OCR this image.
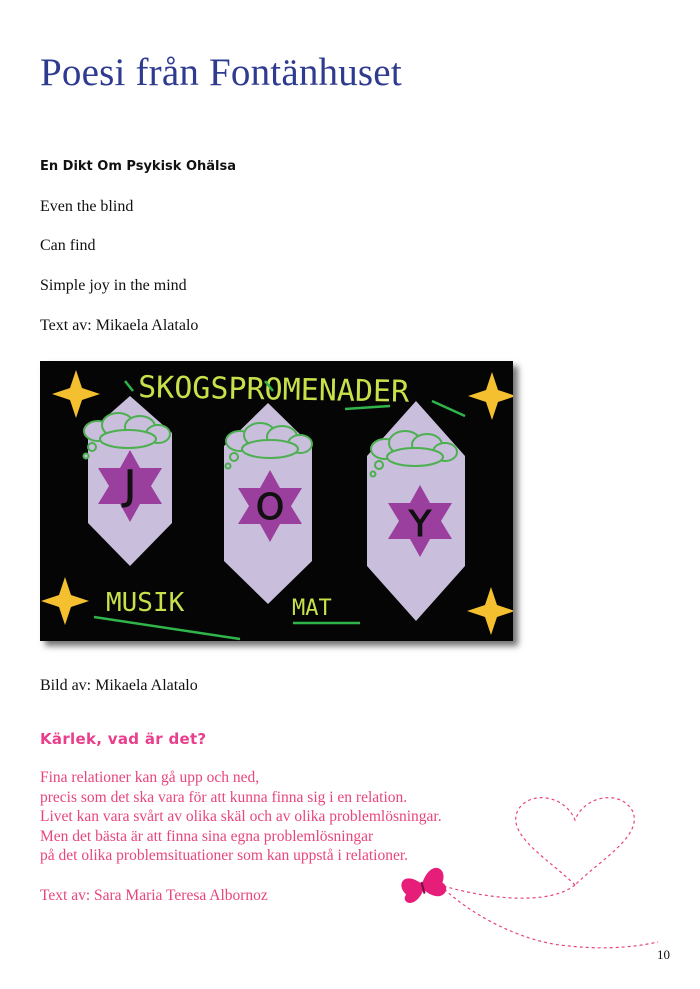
Poesi från Fontänhuset
En Dikt Om Psykisk Ohälsa
Even the blind
Can find
Simple joy in the mind
Text av: Mikaela Alatalo
J	O	Y
SKOGSPROMENADER
MUSIK	MAT
Bild av: Mikaela Alatalo
Kärlek, vad är det?
Fina relationer kan gå upp och ned,
precis som det ska vara för att kunna finna sig i en relation.
Livet kan vara svårt av olika skäl och av olika problemlösningar.
Men det bästa är att finna sina egna problemlösningar
på det olika problemsituationer som kan uppstå i relationer.
Text av: Sara Maria Teresa Albornoz
10
